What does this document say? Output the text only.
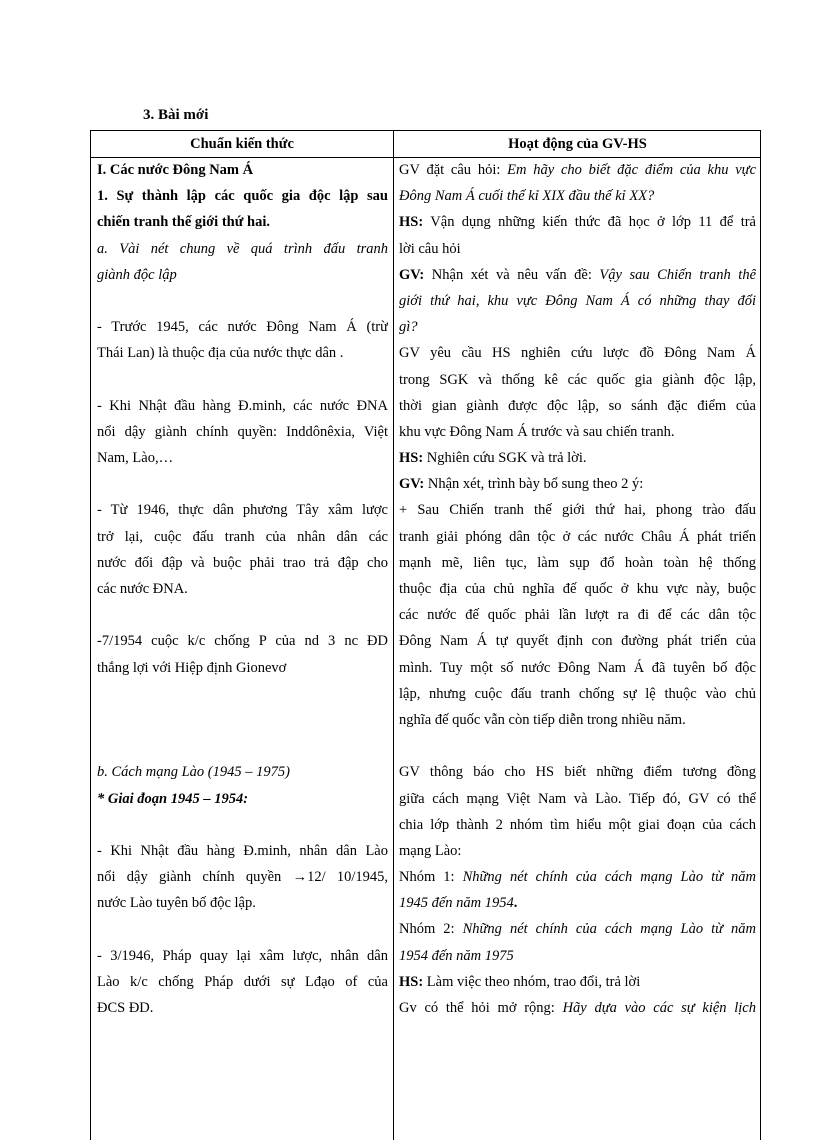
3. Bài mới
Chuẩn kiến thức	Hoạt động của GV-HS
I. Các nước Đông Nam Á
1. Sự thành lập các quốc gia độc lập sau
chiến tranh thế giới thứ hai.
a. Vài nét chung về quá trình đấu tranh
giành độc lập
- Trước 1945, các nước Đông Nam Á (trừ
Thái Lan) là thuộc địa của nước thực dân .
- Khi Nhật đầu hàng Đ.minh, các nước ĐNA
nổi dậy giành chính quyền: Inddônêxia, Việt
Nam, Lào,…
- Từ 1946, thực dân phương Tây xâm lược
trở lại, cuộc đấu tranh của nhân dân các
nước đối đập và buộc phải trao trả đập cho
các nước ĐNA.
-7/1954 cuộc k/c chống P của nd 3 nc ĐD
thắng lợi với Hiệp định Gionevơ
b. Cách mạng Lào (1945 – 1975)
* Giai đoạn 1945 – 1954:
- Khi Nhật đầu hàng Đ.minh, nhân dân Lào
nổi dậy giành chính quyền →12/ 10/1945,
nước Lào tuyên bố độc lập.
- 3/1946, Pháp quay lại xâm lược, nhân dân
Lào k/c chống Pháp dưới sự Lđạo of của
ĐCS ĐD.
GV đặt câu hỏi: Em hãy cho biết đặc điểm của khu vực
Đông Nam Á cuối thế kỉ XIX đầu thế kỉ XX?
HS: Vận dụng những kiến thức đã học ở lớp 11 để trả
lời câu hỏi
GV: Nhận xét và nêu vấn đề: Vậy sau Chiến tranh thế
giới thứ hai, khu vực Đông Nam Á có những thay đổi
gì?
GV yêu cầu HS nghiên cứu lược đồ Đông Nam Á
trong SGK và thống kê các quốc gia giành độc lập,
thời gian giành được độc lập, so sánh đặc điểm của
khu vực Đông Nam Á trước và sau chiến tranh.
HS: Nghiên cứu SGK và trả lời.
GV: Nhận xét, trình bày bổ sung theo 2 ý:
+ Sau Chiến tranh thế giới thứ hai, phong trào đấu
tranh giải phóng dân tộc ở các nước Châu Á phát triển
mạnh mẽ, liên tục, làm sụp đổ hoàn toàn hệ thống
thuộc địa của chủ nghĩa đế quốc ở khu vực này, buộc
các nước đế quốc phải lần lượt ra đi để các dân tộc
Đông Nam Á tự quyết định con đường phát triển của
mình. Tuy một số nước Đông Nam Á đã tuyên bố độc
lập, nhưng cuộc đấu tranh chống sự lệ thuộc vào chủ
nghĩa đế quốc vẫn còn tiếp diễn trong nhiều năm.
GV thông báo cho HS biết những điểm tương đồng
giữa cách mạng Việt Nam và Lào. Tiếp đó, GV có thể
chia lớp thành 2 nhóm tìm hiểu một giai đoạn của cách
mạng Lào:
Nhóm 1: Những nét chính của cách mạng Lào từ năm
1945 đến năm 1954.
Nhóm 2: Những nét chính của cách mạng Lào từ năm
1954 đến năm 1975
HS: Làm việc theo nhóm, trao đổi, trả lời
Gv có thể hỏi mở rộng: Hãy dựa vào các sự kiện lịch
